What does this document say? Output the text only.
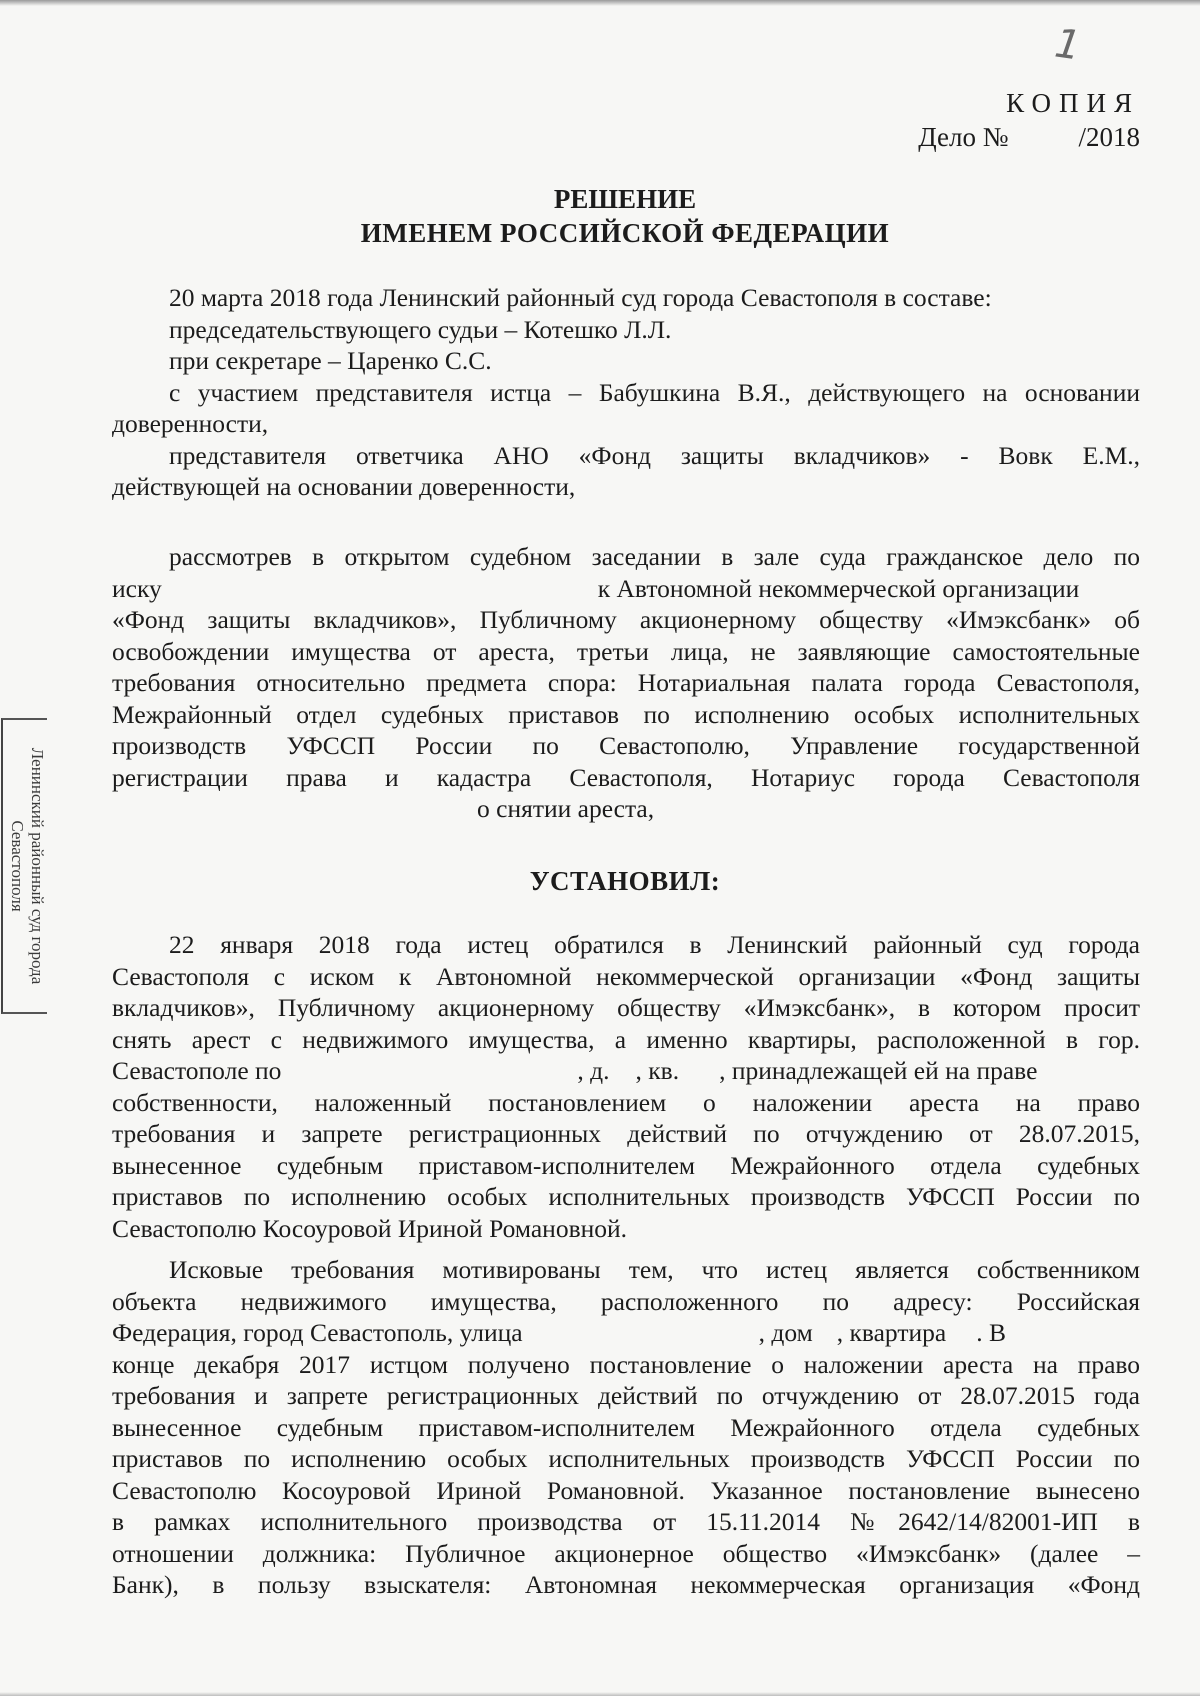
1
КОПИЯ
Дело №	/2018
РЕШЕНИЕ
ИМЕНЕМ РОССИЙСКОЙ ФЕДЕРАЦИИ
20 марта 2018 года Ленинский районный суд города Севастополя в составе:
председательствующего судьи – Котешко Л.Л.
при секретаре – Царенко С.С.
с участием представителя истца – Бабушкина В.Я., действующего на основании
доверенности,
представителя ответчика АНО «Фонд защиты вкладчиков» - Вовк Е.М.,
действующей на основании доверенности,
рассмотрев в открытом судебном заседании в зале суда гражданское дело по
иску	к Автономной некоммерческой организации
«Фонд защиты вкладчиков», Публичному акционерному обществу «Имэксбанк» об
освобождении имущества от ареста, третьи лица, не заявляющие самостоятельные
требования относительно предмета спора: Нотариальная палата города Севастополя,
Межрайонный отдел судебных приставов по исполнению особых исполнительных
производств УФССП России по Севастополю, Управление государственной
регистрации права и кадастра Севастополя, Нотариус города Севастополя
о снятии ареста,
УСТАНОВИЛ:
22 января 2018 года истец обратился в Ленинский районный суд города
Севастополя с иском к Автономной некоммерческой организации «Фонд защиты
вкладчиков», Публичному акционерному обществу «Имэксбанк», в котором просит
снять арест с недвижимого имущества, а именно квартиры, расположенной в гор.
Севастополе по	, д. , кв. , принадлежащей ей на праве
собственности, наложенный постановлением о наложении ареста на право
требования и запрете регистрационных действий по отчуждению от 28.07.2015,
вынесенное судебным приставом-исполнителем Межрайонного отдела судебных
приставов по исполнению особых исполнительных производств УФССП России по
Севастополю Косоуровой Ириной Романовной.
Исковые требования мотивированы тем, что истец является собственником
объекта недвижимого имущества, расположенного по адресу: Российская
Федерация, город Севастополь, улица	, дом , квартира . В
конце декабря 2017 истцом получено постановление о наложении ареста на право
требования и запрете регистрационных действий по отчуждению от 28.07.2015 года
вынесенное судебным приставом-исполнителем Межрайонного отдела судебных
приставов по исполнению особых исполнительных производств УФССП России по
Севастополю Косоуровой Ириной Романовной. Указанное постановление вынесено
в рамках исполнительного производства от 15.11.2014 №2642/14/82001-ИП в
отношении должника: Публичное акционерное общество «Имэксбанк» (далее –
Банк), в пользу взыскателя: Автономная некоммерческая организация «Фонд
Ленинский районный суд города
Севастополя
